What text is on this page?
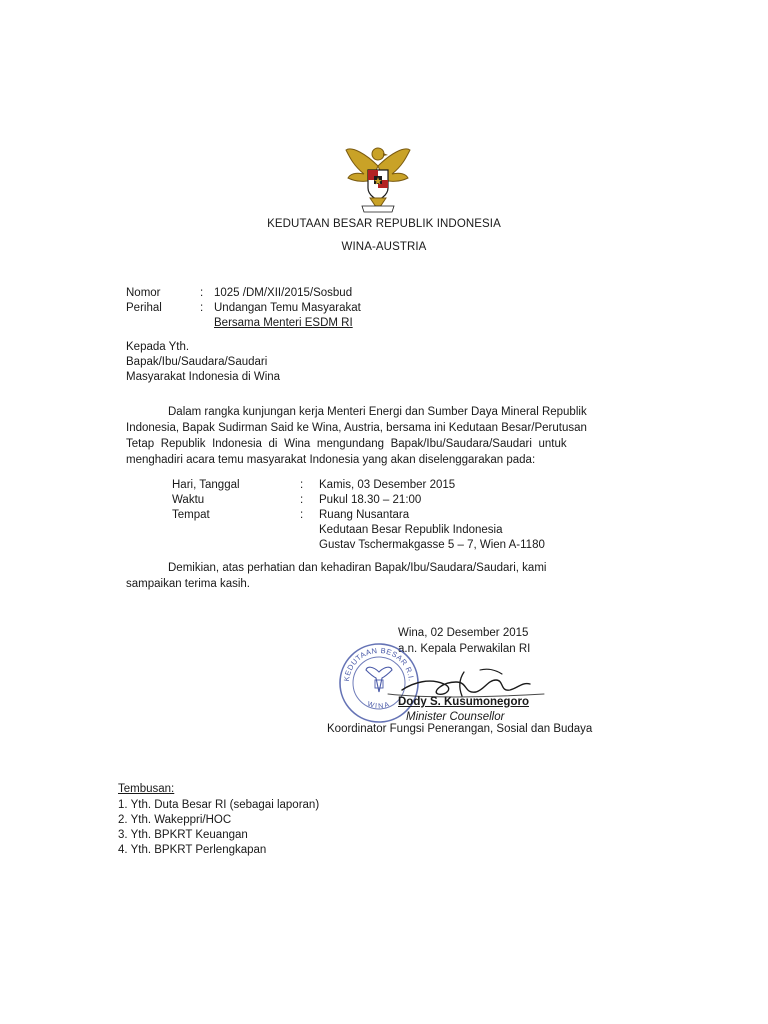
KEDUTAAN BESAR REPUBLIK INDONESIA
WINA-AUSTRIA
Nomor	: 1025 /DM/XII/2015/Sosbud
Perihal	: Undangan Temu Masyarakat
Bersama Menteri ESDM RI
Kepada Yth.
Bapak/Ibu/Saudara/Saudari
Masyarakat Indonesia di Wina
Dalam rangka kunjungan kerja Menteri Energi dan Sumber Daya Mineral Republik
Indonesia, Bapak Sudirman Said ke Wina, Austria, bersama ini Kedutaan Besar/Perutusan
Tetap Republik Indonesia di Wina mengundang Bapak/Ibu/Saudara/Saudari untuk
menghadiri acara temu masyarakat Indonesia yang akan diselenggarakan pada:
Hari, Tanggal	: Kamis, 03 Desember 2015
Waktu	: Pukul 18.30 – 21:00
Tempat	: Ruang Nusantara
Kedutaan Besar Republik Indonesia
Gustav Tschermakgasse 5 – 7, Wien A-1180
Demikian, atas perhatian dan kehadiran Bapak/Ibu/Saudara/Saudari, kami
sampaikan terima kasih.
Wina, 02 Desember 2015
a.n. Kepala Perwakilan RI
KEDUTAAN BESAR R.I.
WINA Dody S. Kusumonegoro
Minister Counsellor
Koordinator Fungsi Penerangan, Sosial dan Budaya
Tembusan:
1. Yth. Duta Besar RI (sebagai laporan)
2. Yth. Wakeppri/HOC
3. Yth. BPKRT Keuangan
4. Yth. BPKRT Perlengkapan
